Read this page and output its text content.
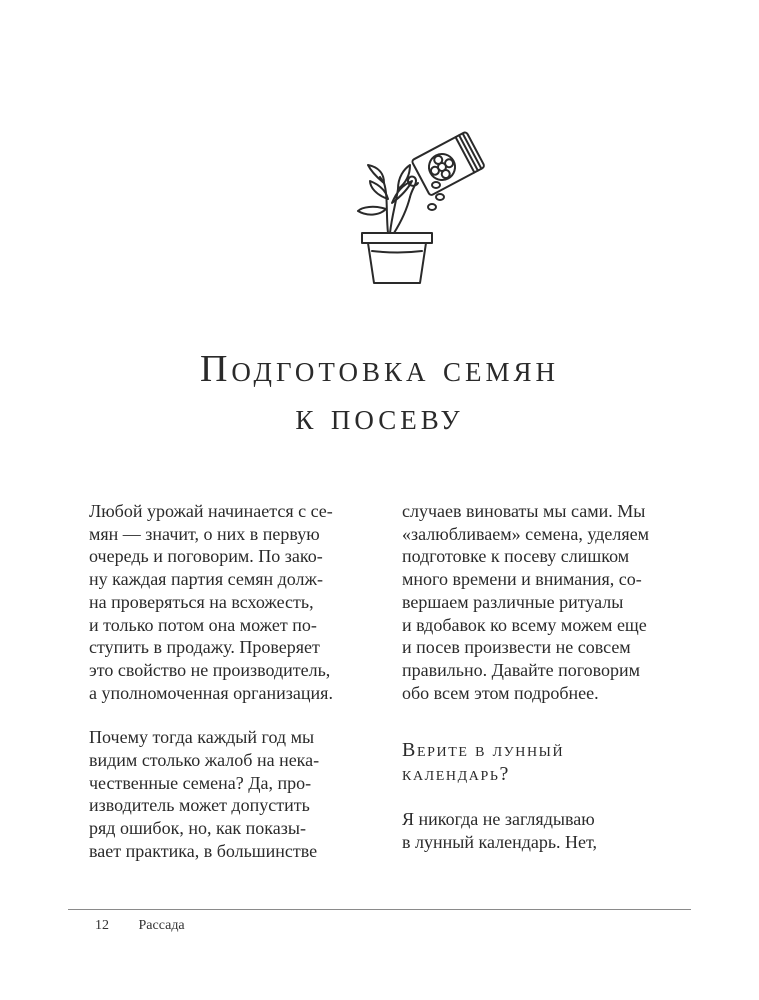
Подготовка семян
к посеву

Любой урожай начинается с се-
мян — значит, о них в первую
очередь и поговорим. По зако-
ну каждая партия семян долж-
на проверяться на всхожесть,
и только потом она может по-
ступить в продажу. Проверяет
это свойство не производитель,
а уполномоченная организация.

Почему тогда каждый год мы
видим столько жалоб на нека-
чественные семена? Да, про-
изводитель может допустить
ряд ошибок, но, как показы-
вает практика, в большинстве

случаев виноваты мы сами. Мы
«залюбливаем» семена, уделяем
подготовке к посеву слишком
много времени и внимания, со-
вершаем различные ритуалы
и вдобавок ко всему можем еще
и посев произвести не совсем
правильно. Давайте поговорим
обо всем этом подробнее.

Верите в лунный
календарь?

Я никогда не заглядываю
в лунный календарь. Нет,

12 Рассада
